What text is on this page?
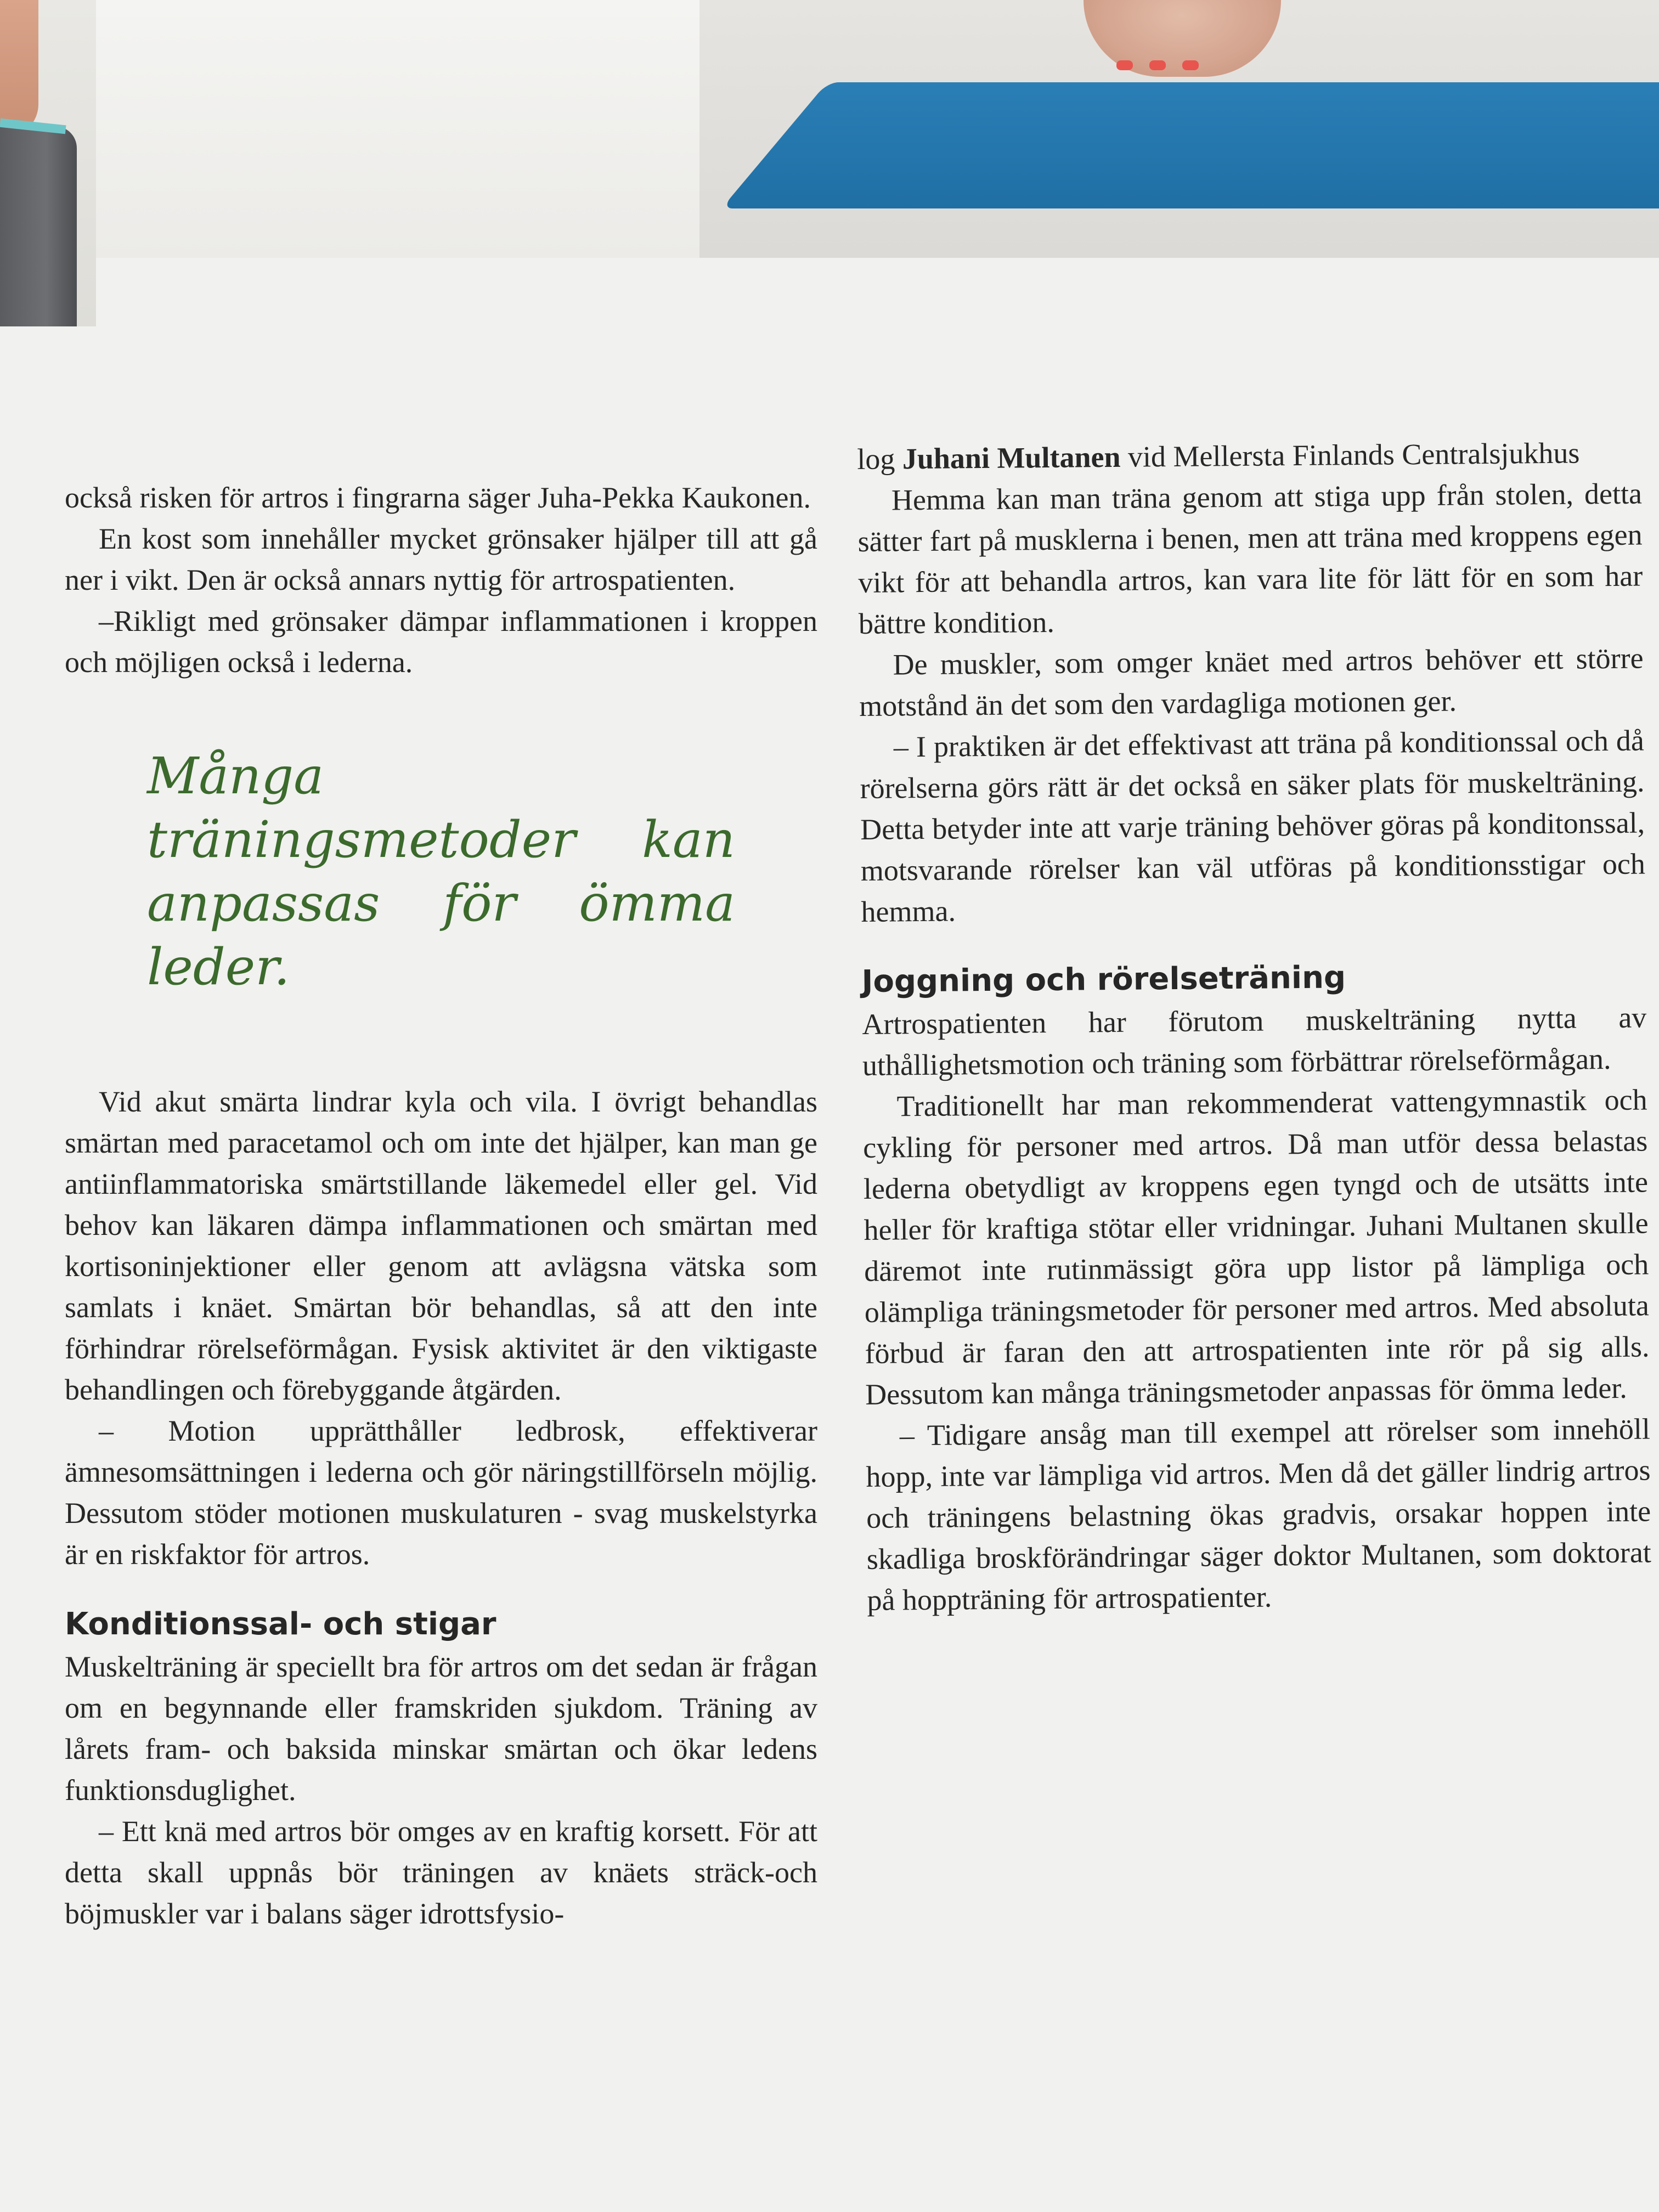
också risken för artros i fingrarna säger Juha-Pekka Kaukonen.

En kost som innehåller mycket grönsaker hjälper till att gå ner i vikt. Den är också annars nyttig för artrospatienten.

–Rikligt med grönsaker dämpar inflammationen i kroppen och möjligen också i lederna.

Många träningsmetoder kan anpassas för ömma leder.

Vid akut smärta lindrar kyla och vila. I övrigt behandlas smärtan med paracetamol och om inte det hjälper, kan man ge antiinflammatoriska smärtstillande läkemedel eller gel. Vid behov kan läkaren dämpa inflammationen och smärtan med kortisoninjektioner eller genom att avlägsna vätska som samlats i knäet. Smärtan bör behandlas, så att den inte förhindrar rörelseförmågan. Fysisk aktivitet är den viktigaste behandlingen och förebyggande åtgärden.

– Motion upprätthåller ledbrosk, effektiverar ämnesomsättningen i lederna och gör näringstillförseln möjlig. Dessutom stöder motionen muskulaturen - svag muskelstyrka är en riskfaktor för artros.

Konditionssal- och stigar

Muskelträning är speciellt bra för artros om det sedan är frågan om en begynnande eller framskriden sjukdom. Träning av lårets fram- och baksida minskar smärtan och ökar ledens funktionsduglighet.

– Ett knä med artros bör omges av en kraftig korsett. För att detta skall uppnås bör träningen av knäets sträck-och böjmuskler var i balans säger idrottsfysio-

log Juhani Multanen vid Mellersta Finlands Centralsjukhus

Hemma kan man träna genom att stiga upp från stolen, detta sätter fart på musklerna i benen, men att träna med kroppens egen vikt för att behandla artros, kan vara lite för lätt för en som har bättre kondition.

De muskler, som omger knäet med artros behöver ett större motstånd än det som den vardagliga motionen ger.

– I praktiken är det effektivast att träna på konditionssal och då rörelserna görs rätt är det också en säker plats för muskelträning. Detta betyder inte att varje träning behöver göras på konditonssal, motsvarande rörelser kan väl utföras på konditionsstigar och hemma.

Joggning och rörelseträning

Artrospatienten har förutom muskelträning nytta av uthållighetsmotion och träning som förbättrar rörelseförmågan.

Traditionellt har man rekommenderat vattengymnastik och cykling för personer med artros. Då man utför dessa belastas lederna obetydligt av kroppens egen tyngd och de utsätts inte heller för kraftiga stötar eller vridningar. Juhani Multanen skulle däremot inte rutinmässigt göra upp listor på lämpliga och olämpliga träningsmetoder för personer med artros. Med absoluta förbud är faran den att artrospatienten inte rör på sig alls. Dessutom kan många träningsmetoder anpassas för ömma leder.

– Tidigare ansåg man till exempel att rörelser som innehöll hopp, inte var lämpliga vid artros. Men då det gäller lindrig artros och träningens belastning ökas gradvis, orsakar hoppen inte skadliga broskförändringar säger doktor Multanen, som doktorat på hoppträning för artrospatienter.
